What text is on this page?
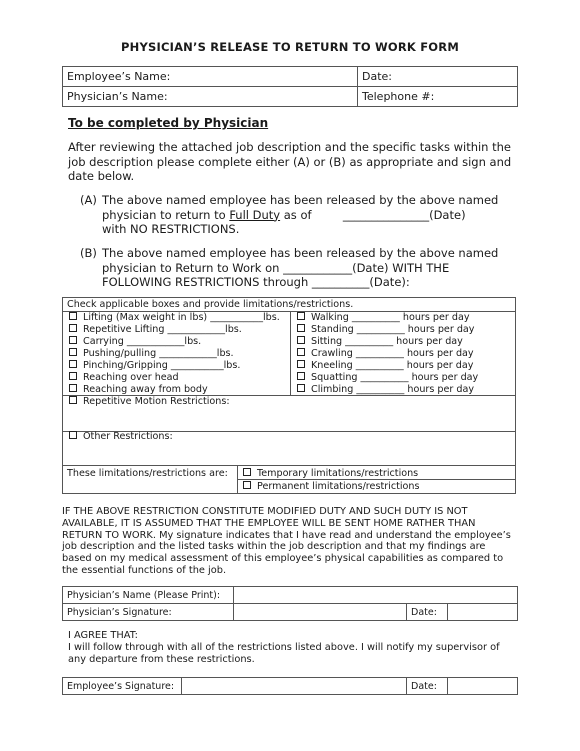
PHYSICIAN’S RELEASE TO RETURN TO WORK FORM
Employee’s Name:	Date:
Physician’s Name:	Telephone #:
To be completed by Physician
After reviewing the attached job description and the specific tasks within the job description please complete either (A) or (B) as appropriate and sign and date below.
(A) The above named employee has been released by the above named
physician to return to Full Duty as of	_______________(Date)
with NO RESTRICTIONS.
(B) The above named employee has been released by the above named
physician to Return to Work on ____________(Date) WITH THE
FOLLOWING RESTRICTIONS through __________(Date):
Check applicable boxes and provide limitations/restrictions.
Lifting (Max weight in lbs) ___________lbs.
Repetitive Lifting ____________lbs.
Carrying ____________lbs.
Pushing/pulling ____________lbs.
Pinching/Gripping ___________lbs.
Reaching over head
Reaching away from body
Walking __________ hours per day
Standing __________ hours per day
Sitting __________ hours per day
Crawling __________ hours per day
Kneeling __________ hours per day
Squatting __________ hours per day
Climbing __________ hours per day
Repetitive Motion Restrictions:
Other Restrictions:
These limitations/restrictions are:	Temporary limitations/restrictions
Permanent limitations/restrictions
IF THE ABOVE RESTRICTION CONSTITUTE MODIFIED DUTY AND SUCH DUTY IS NOT AVAILABLE, IT IS ASSUMED THAT THE EMPLOYEE WILL BE SENT HOME RATHER THAN RETURN TO WORK. My signature indicates that I have read and understand the employee’s job description and the listed tasks within the job description and that my findings are based on my medical assessment of this employee’s physical capabilities as compared to the essential functions of the job.
Physician’s Name (Please Print):			
Physician’s Signature:		Date:	
I AGREE THAT:
I will follow through with all of the restrictions listed above. I will notify my supervisor of any departure from these restrictions.
Employee’s Signature:		Date:	
